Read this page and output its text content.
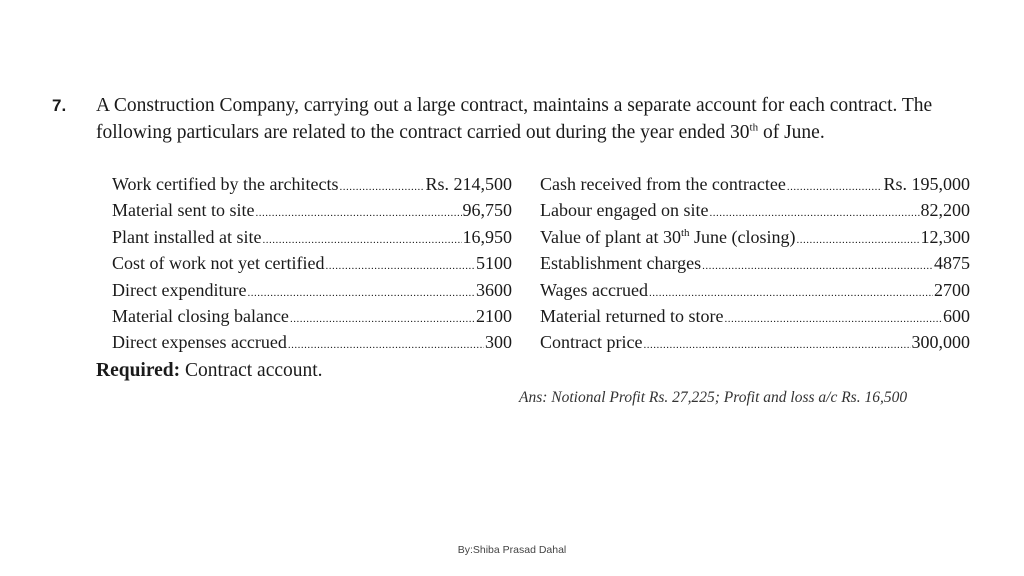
7. A Construction Company, carrying out a large contract, maintains a separate account for each contract. The following particulars are related to the contract carried out during the year ended 30th of June.
Work certified by the architects .....	Rs. 214,500
Material sent to site .....	96,750
Plant installed at site .....	16,950
Cost of work not yet certified .....	5100
Direct expenditure .....	3600
Material closing balance .....	2100
Direct expenses accrued .....	300
Cash received from the contractee .....	Rs. 195,000
Labour engaged on site .....	82,200
Value of plant at 30th June (closing) .....	12,300
Establishment charges .....	4875
Wages accrued .....	2700
Material returned to store .....	600
Contract price .....	300,000
Required: Contract account.
Ans: Notional Profit Rs. 27,225; Profit and loss a/c Rs. 16,500
By:Shiba Prasad Dahal
